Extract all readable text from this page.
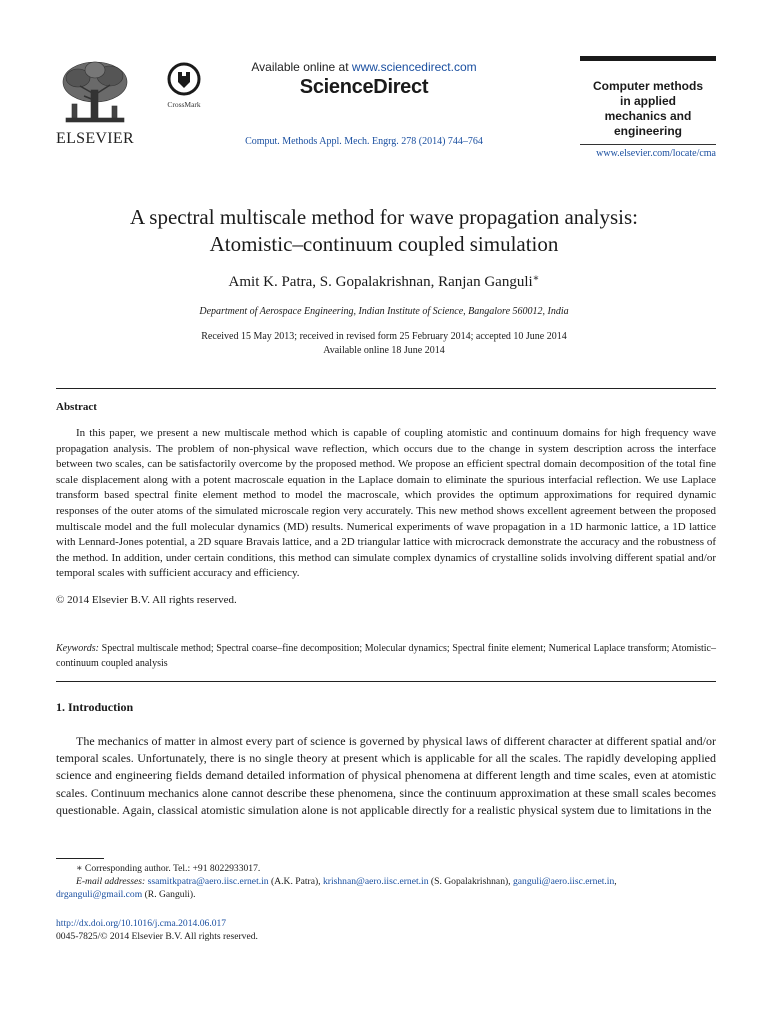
ELSEVIER
CrossMark
Available online at www.sciencedirect.com
ScienceDirect
Comput. Methods Appl. Mech. Engrg. 278 (2014) 744–764
Computer methods
in applied
mechanics and
engineering
www.elsevier.com/locate/cma
A spectral multiscale method for wave propagation analysis:
Atomistic–continuum coupled simulation
Amit K. Patra, S. Gopalakrishnan, Ranjan Ganguli∗
Department of Aerospace Engineering, Indian Institute of Science, Bangalore 560012, India
Received 15 May 2013; received in revised form 25 February 2014; accepted 10 June 2014
Available online 18 June 2014
Abstract
In this paper, we present a new multiscale method which is capable of coupling atomistic and continuum domains for high frequency wave propagation analysis. The problem of non-physical wave reflection, which occurs due to the change in system description across the interface between two scales, can be satisfactorily overcome by the proposed method. We propose an efficient spectral domain decomposition of the total fine scale displacement along with a potent macroscale equation in the Laplace domain to eliminate the spurious interfacial reflection. We use Laplace transform based spectral finite element method to model the macroscale, which provides the optimum approximations for required dynamic responses of the outer atoms of the simulated microscale region very accurately. This new method shows excellent agreement between the proposed multiscale model and the full molecular dynamics (MD) results. Numerical experiments of wave propagation in a 1D harmonic lattice, a 1D lattice with Lennard-Jones potential, a 2D square Bravais lattice, and a 2D triangular lattice with microcrack demonstrate the accuracy and the robustness of the method. In addition, under certain conditions, this method can simulate complex dynamics of crystalline solids involving different spatial and/or temporal scales with sufficient accuracy and efficiency.
© 2014 Elsevier B.V. All rights reserved.
Keywords: Spectral multiscale method; Spectral coarse–fine decomposition; Molecular dynamics; Spectral finite element; Numerical Laplace transform; Atomistic–continuum coupled analysis
1. Introduction
The mechanics of matter in almost every part of science is governed by physical laws of different character at different spatial and/or temporal scales. Unfortunately, there is no single theory at present which is applicable for all the scales. The rapidly developing applied science and engineering fields demand detailed information of physical phenomena at different length and time scales, even at atomistic scales. Continuum mechanics alone cannot describe these phenomena, since the continuum approximation at these small scales becomes questionable. Again, classical atomistic simulation alone is not applicable directly for a realistic physical system due to limitations in the
∗ Corresponding author. Tel.: +91 8022933017.
E-mail addresses: ssamitkpatra@aero.iisc.ernet.in (A.K. Patra), krishnan@aero.iisc.ernet.in (S. Gopalakrishnan), ganguli@aero.iisc.ernet.in,
drganguli@gmail.com (R. Ganguli).
http://dx.doi.org/10.1016/j.cma.2014.06.017
0045-7825/© 2014 Elsevier B.V. All rights reserved.
